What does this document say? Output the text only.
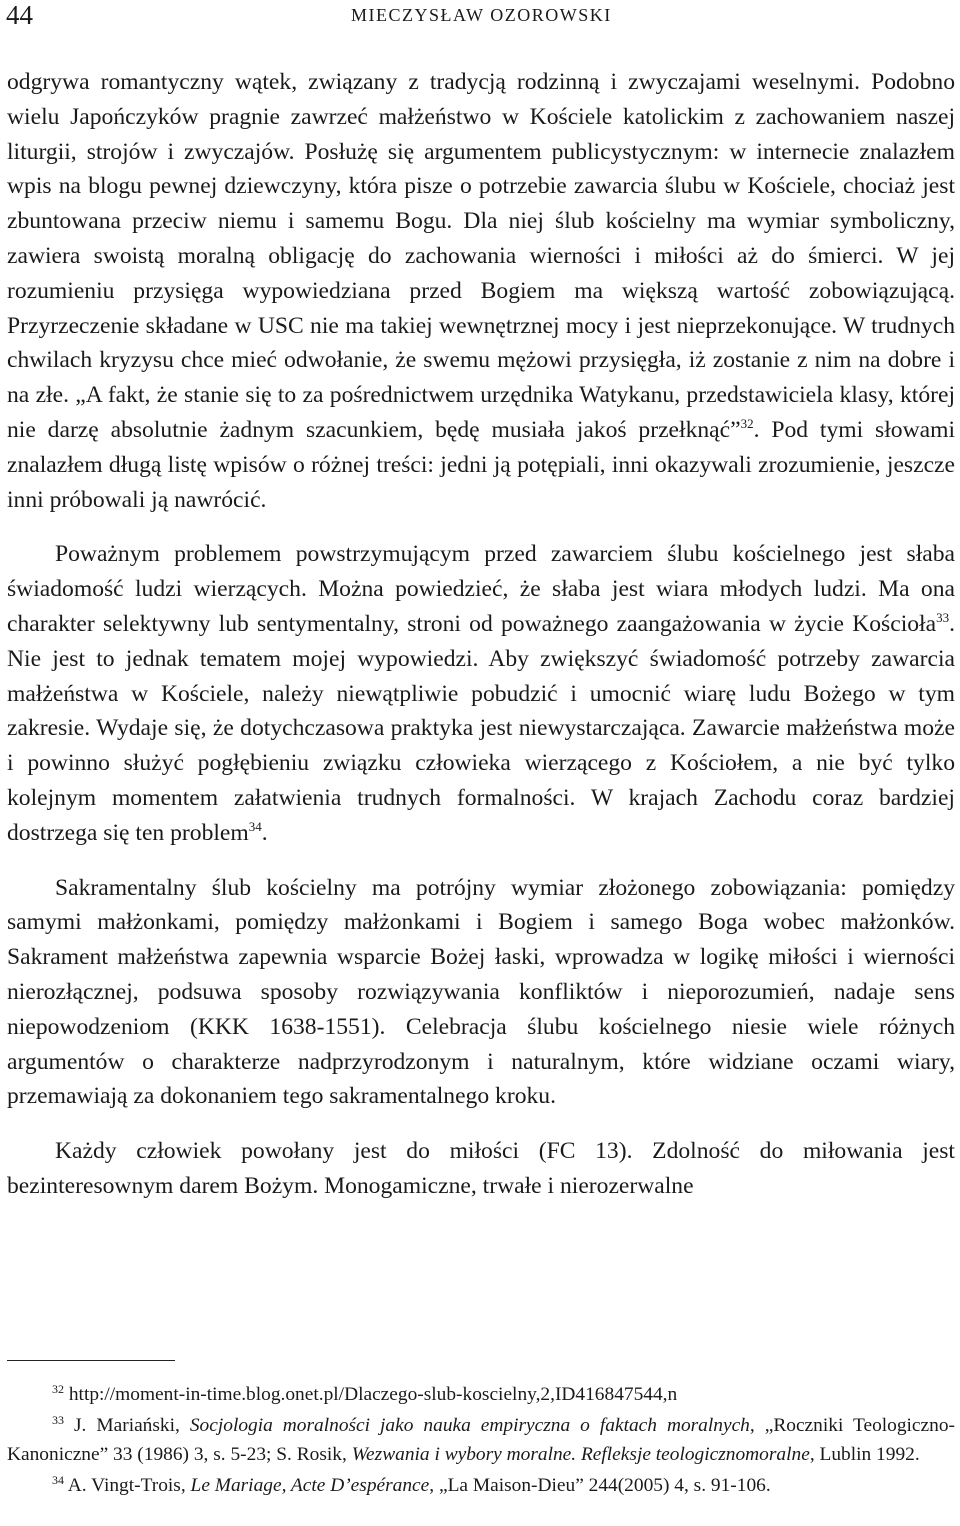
44	MIECZYSŁAW OZOROWSKI

odgrywa romantyczny wątek, związany z tradycją rodzinną i zwyczajami weselnymi. Podobno wielu Japończyków pragnie zawrzeć małżeństwo w Kościele katolickim z zachowaniem naszej liturgii, strojów i zwyczajów. Posłużę się argumentem publicystycznym: w internecie znalazłem wpis na blogu pewnej dziewczyny, która pisze o potrzebie zawarcia ślubu w Kościele, chociaż jest zbuntowana przeciw niemu i samemu Bogu. Dla niej ślub kościelny ma wymiar symboliczny, zawiera swoistą moralną obligację do zachowania wierności i miłości aż do śmierci. W jej rozumieniu przysięga wypowiedziana przed Bogiem ma większą wartość zobowiązującą. Przyrzeczenie składane w USC nie ma takiej wewnętrznej mocy i jest nieprzekonujące. W trudnych chwilach kryzysu chce mieć odwołanie, że swemu mężowi przysięgła, iż zostanie z nim na dobre i na złe. „A fakt, że stanie się to za pośrednictwem urzędnika Watykanu, przedstawiciela klasy, której nie darzę absolutnie żadnym szacunkiem, będę musiała jakoś przełknąć”$^{32}$. Pod tymi słowami znalazłem długą listę wpisów o różnej treści: jedni ją potępiali, inni okazywali zrozumienie, jeszcze inni próbowali ją nawrócić.

Poważnym problemem powstrzymującym przed zawarciem ślubu kościelnego jest słaba świadomość ludzi wierzących. Można powiedzieć, że słaba jest wiara młodych ludzi. Ma ona charakter selektywny lub sentymentalny, stroni od poważnego zaangażowania w życie Kościoła$^{33}$. Nie jest to jednak tematem mojej wypowiedzi. Aby zwiększyć świadomość potrzeby zawarcia małżeństwa w Kościele, należy niewątpliwie pobudzić i umocnić wiarę ludu Bożego w tym zakresie. Wydaje się, że dotychczasowa praktyka jest niewystarczająca. Zawarcie małżeństwa może i powinno służyć pogłębieniu związku człowieka wierzącego z Kościołem, a nie być tylko kolejnym momentem załatwienia trudnych formalności. W krajach Zachodu coraz bardziej dostrzega się ten problem$^{34}$.

Sakramentalny ślub kościelny ma potrójny wymiar złożonego zobowiązania: pomiędzy samymi małżonkami, pomiędzy małżonkami i Bogiem i samego Boga wobec małżonków. Sakrament małżeństwa zapewnia wsparcie Bożej łaski, wprowadza w logikę miłości i wierności nierozłącznej, podsuwa sposoby rozwiązywania konfliktów i nieporozumień, nadaje sens niepowodzeniom (KKK 1638-1551). Celebracja ślubu kościelnego niesie wiele różnych argumentów o charakterze nadprzyrodzonym i naturalnym, które widziane oczami wiary, przemawiają za dokonaniem tego sakramentalnego kroku.

Każdy człowiek powołany jest do miłości (FC 13). Zdolność do miłowania jest bezinteresownym darem Bożym. Monogamiczne, trwałe i nierozerwalne

$^{32}$ http://moment-in-time.blog.onet.pl/Dlaczego-slub-koscielny,2,ID416847544,n
$^{33}$ J. Mariański, Socjologia moralności jako nauka empiryczna o faktach moralnych, „Roczniki Teologiczno-Kanoniczne” 33 (1986) 3, s. 5-23; S. Rosik, Wezwania i wybory moralne. Refleksje teologicznomoralne, Lublin 1992.
$^{34}$ A. Vingt-Trois, Le Mariage, Acte D’espérance, „La Maison-Dieu” 244(2005) 4, s. 91-106.
